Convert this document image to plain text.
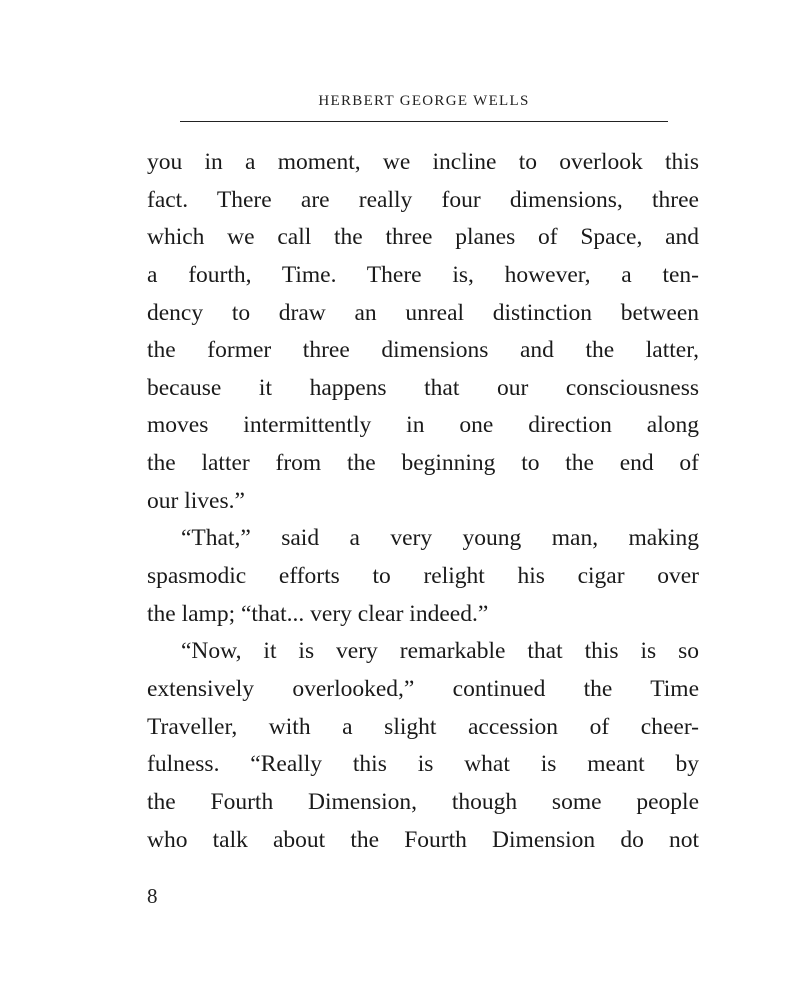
HERBERT GEORGE WELLS
you in a moment, we incline to overlook this
fact. There are really four dimensions, three
which we call the three planes of Space, and
a fourth, Time. There is, however, a ten-
dency to draw an unreal distinction between
the former three dimensions and the latter,
because it happens that our consciousness
moves intermittently in one direction along
the latter from the beginning to the end of
our lives.”
“That,” said a very young man, making
spasmodic efforts to relight his cigar over
the lamp; “that... very clear indeed.”
“Now, it is very remarkable that this is so
extensively overlooked,” continued the Time
Traveller, with a slight accession of cheer-
fulness. “Really this is what is meant by
the Fourth Dimension, though some people
who talk about the Fourth Dimension do not
8
